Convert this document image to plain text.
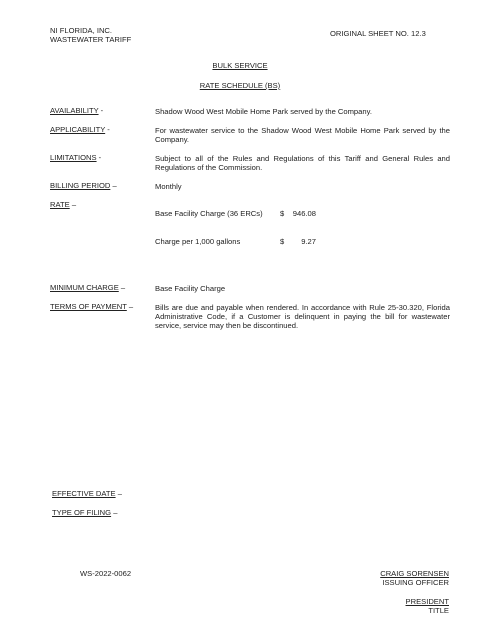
NI FLORIDA, INC.
WASTEWATER TARIFF
ORIGINAL SHEET NO. 12.3
BULK SERVICE
RATE SCHEDULE (BS)
AVAILABILITY -	Shadow Wood West Mobile Home Park served by the Company.
APPLICABILITY -	For wastewater service to the Shadow Wood West Mobile Home Park served by the Company.
LIMITATIONS -	Subject to all of the Rules and Regulations of this Tariff and General Rules and Regulations of the Commission.
BILLING PERIOD –	Monthly
RATE –
Base Facility Charge (36 ERCs) $	946.08
Charge per 1,000 gallons	$	9.27
MINIMUM CHARGE –	Base Facility Charge
TERMS OF PAYMENT –	Bills are due and payable when rendered. In accordance with Rule 25-30.320, Florida Administrative Code, if a Customer is delinquent in paying the bill for wastewater service, service may then be discontinued.
EFFECTIVE DATE –
TYPE OF FILING –
WS-2022-0062	CRAIG SORENSEN
ISSUING OFFICER
PRESIDENT
TITLE
